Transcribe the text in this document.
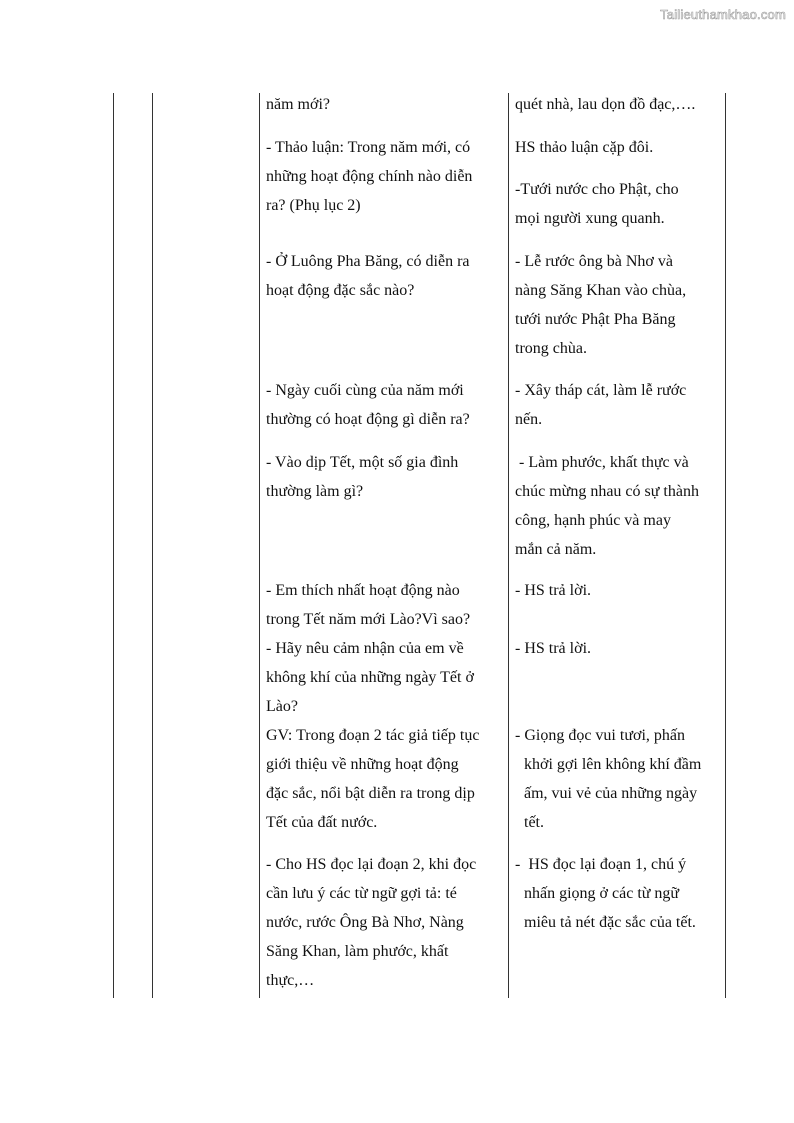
Tailieuthamkhao.com
năm mới?	quét nhà, lau dọn đồ đạc,….
- Thảo luận: Trong năm mới, có
những hoạt động chính nào diễn
ra? (Phụ lục 2)
HS thảo luận cặp đôi.
-Tưới nước cho Phật, cho
mọi người xung quanh.
- Ở Luông Pha Băng, có diễn ra
hoạt động đặc sắc nào?
- Lễ rước ông bà Nhơ và
nàng Săng Khan vào chùa,
tưới nước Phật Pha Băng
trong chùa.
- Ngày cuối cùng của năm mới
thường có hoạt động gì diễn ra?
- Xây tháp cát, làm lễ rước
nến.
- Vào dịp Tết, một số gia đình
thường làm gì?
- Làm phước, khất thực và
chúc mừng nhau có sự thành
công, hạnh phúc và may
mắn cả năm.
- Em thích nhất hoạt động nào
trong Tết năm mới Lào?Vì sao?
- Hãy nêu cảm nhận của em về
không khí của những ngày Tết ở
Lào?
- HS trả lời.
- HS trả lời.
GV: Trong đoạn 2 tác giả tiếp tục
giới thiệu về những hoạt động
đặc sắc, nổi bật diễn ra trong dịp
Tết của đất nước.
- Giọng đọc vui tươi, phấn
khởi gợi lên không khí đầm
ấm, vui vẻ của những ngày
tết.
- Cho HS đọc lại đoạn 2, khi đọc
cần lưu ý các từ ngữ gợi tả: té
nước, rước Ông Bà Nhơ, Nàng
Săng Khan, làm phước, khất
thực,…
-  HS đọc lại đoạn 1, chú ý
nhấn giọng ở các từ ngữ
miêu tả nét đặc sắc của tết.
